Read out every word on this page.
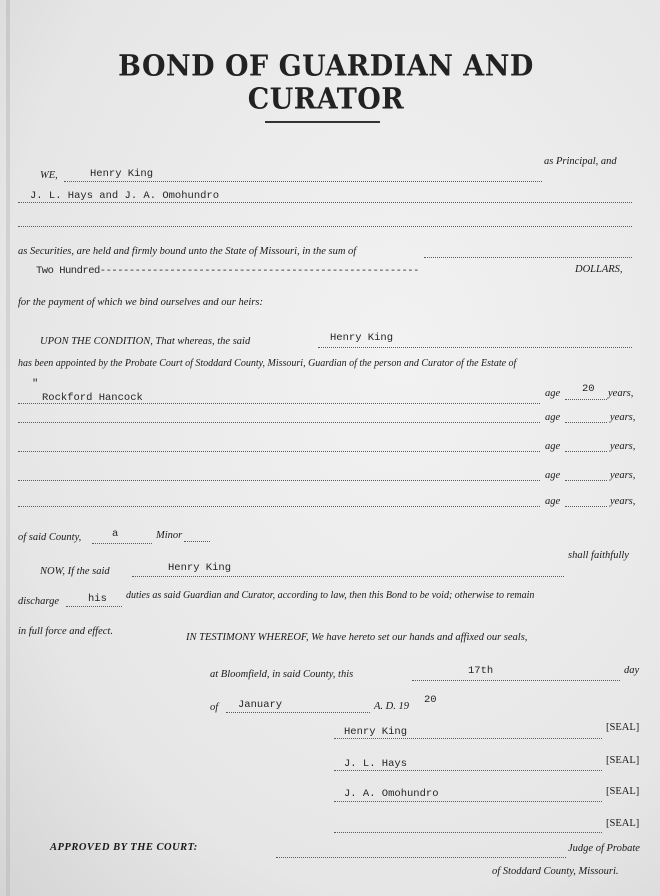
BOND OF GUARDIAN AND CURATOR
WE,	Henry King
as Principal, and
J. L. Hays and J. A. Omohundro
as Securities, are held and firmly bound unto the State of Missouri, in the sum of
Two Hundred-------------------------------------------------------	DOLLARS,
for the payment of which we bind ourselves and our heirs:
UPON THE CONDITION, That whereas, the said	Henry King
has been appointed by the Probate Court of Stoddard County, Missouri, Guardian of the person and Curator of the Estate of
"
Rockford Hancock	age 20 years,
age	years,
age	years,
age	years,
age	years,
of said County,	a	Minor
NOW, If the said	Henry King
shall faithfully
discharge	his duties as said Guardian and Curator, according to law, then this Bond to be void; otherwise to remain
in full force and effect.
IN TESTIMONY WHEREOF, We have hereto set our hands and affixed our seals,
at Bloomfield, in said County, this	17th	day
of January	A. D. 19
20
Henry King	[SEAL]
J. L. Hays	[SEAL]
J. A. Omohundro	[SEAL]
[SEAL]
APPROVED BY THE COURT:	Judge of Probate
of Stoddard County, Missouri.
